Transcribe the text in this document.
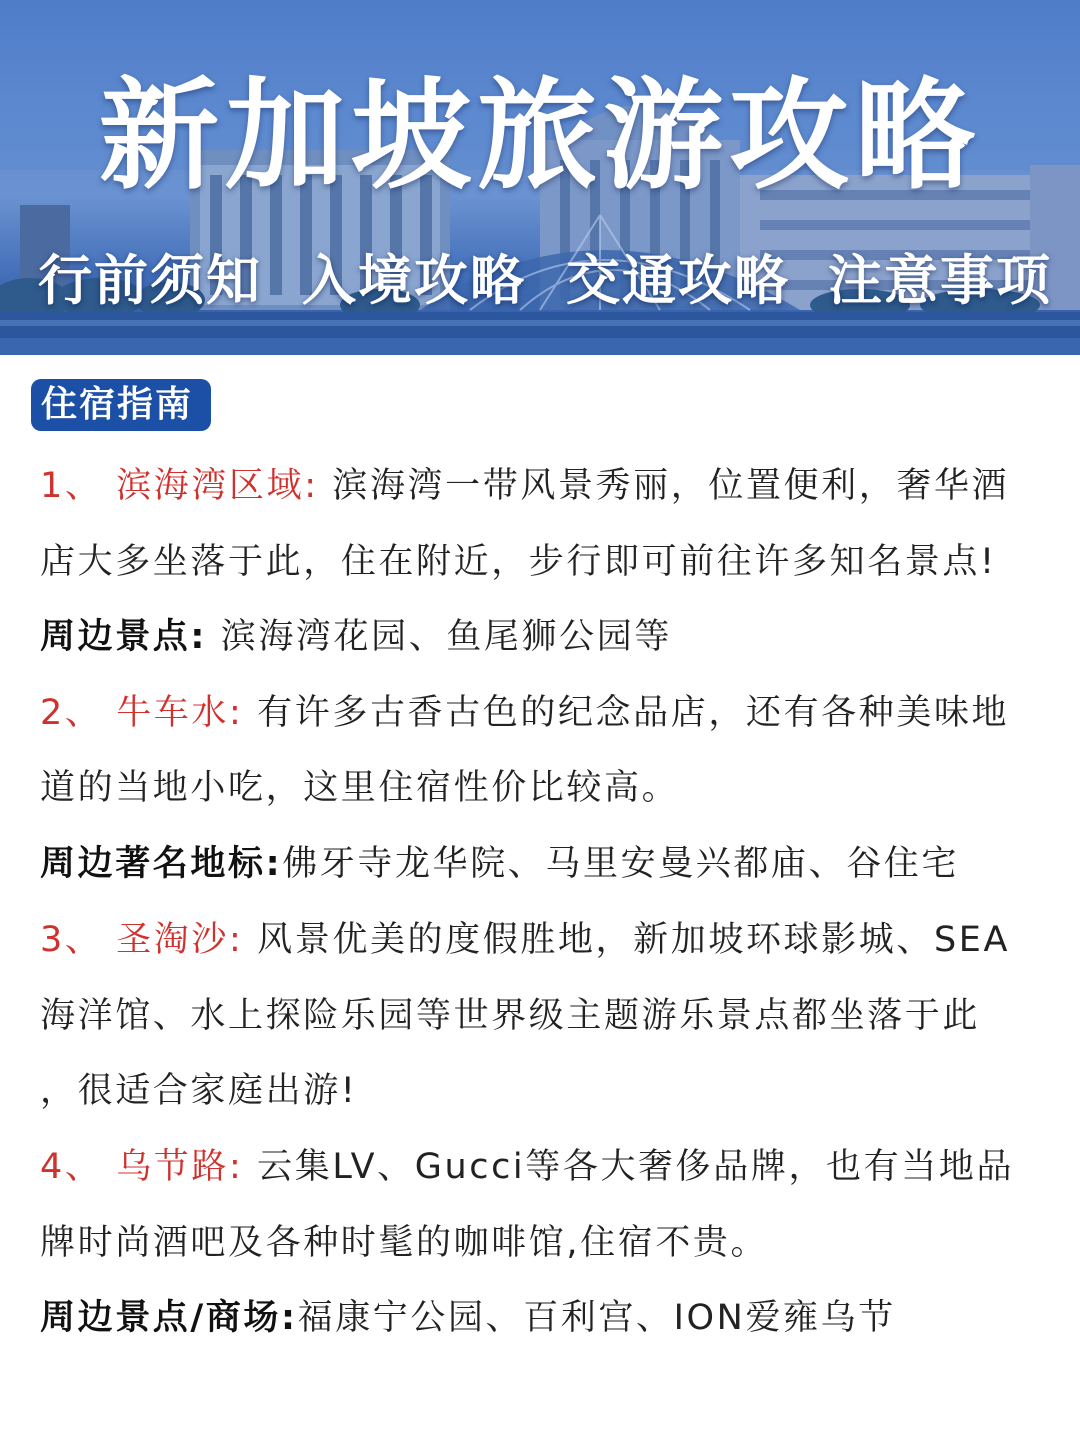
新加坡旅游攻略
行前须知 入境攻略 交通攻略 注意事项
住宿指南
1、 滨海湾区域: 滨海湾一带风景秀丽，位置便利，奢华酒
店大多坐落于此，住在附近，步行即可前往许多知名景点!
周边景点: 滨海湾花园、鱼尾狮公园等
2、 牛车水: 有许多古香古色的纪念品店，还有各种美味地
道的当地小吃，这里住宿性价比较高。
周边著名地标:佛牙寺龙华院、马里安曼兴都庙、谷住宅
3、 圣淘沙: 风景优美的度假胜地，新加坡环球影城、SEA
海洋馆、水上探险乐园等世界级主题游乐景点都坐落于此
，很适合家庭出游!
4、 乌节路: 云集LV、Gucci等各大奢侈品牌，也有当地品
牌时尚酒吧及各种时髦的咖啡馆,住宿不贵。
周边景点/商场:福康宁公园、百利宫、ION爱雍乌节
